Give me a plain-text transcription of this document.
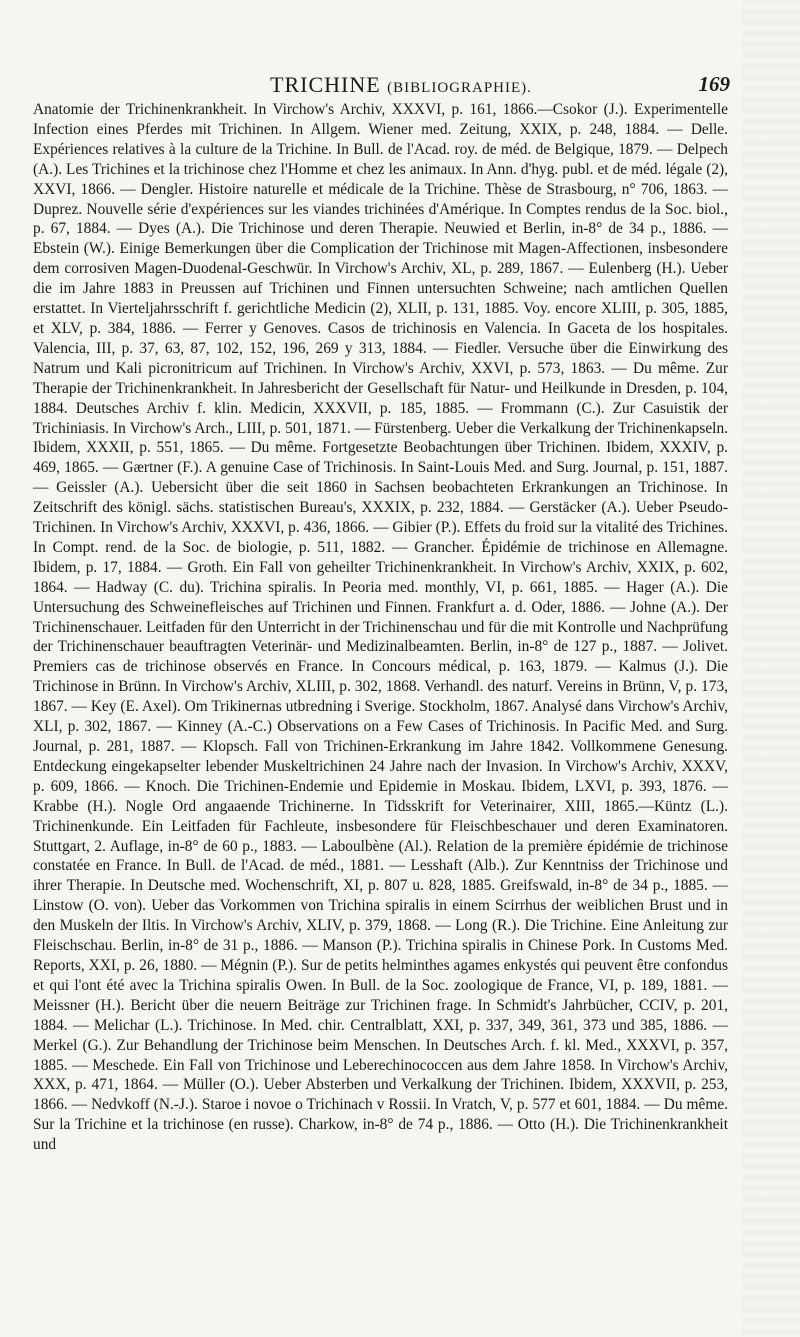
TRICHINE (BIBLIOGRAPHIE).	169

Anatomie der Trichinenkrankheit. In Virchow's Archiv, XXXVI, p. 161, 1866.—Csokor (J.). Experimentelle Infection eines Pferdes mit Trichinen. In Allgem. Wiener med. Zeitung, XXIX, p. 248, 1884. — Delle. Expériences relatives à la culture de la Trichine. In Bull. de l'Acad. roy. de méd. de Belgique, 1879. — Delpech (A.). Les Trichines et la trichinose chez l'Homme et chez les animaux. In Ann. d'hyg. publ. et de méd. légale (2), XXVI, 1866. — Dengler. Histoire naturelle et médicale de la Trichine. Thèse de Strasbourg, n° 706, 1863. — Duprez. Nouvelle série d'expériences sur les viandes trichinées d'Amérique. In Comptes rendus de la Soc. biol., p. 67, 1884. — Dyes (A.). Die Trichinose und deren Therapie. Neuwied et Berlin, in-8° de 34 p., 1886. — Ebstein (W.). Einige Bemerkungen über die Complication der Trichinose mit Magen-Affectionen, insbesondere dem corrosiven Magen-Duodenal-Geschwür. In Virchow's Archiv, XL, p. 289, 1867. — Eulenberg (H.). Ueber die im Jahre 1883 in Preussen auf Trichinen und Finnen untersuchten Schweine; nach amtlichen Quellen erstattet. In Vierteljahrsschrift f. gerichtliche Medicin (2), XLII, p. 131, 1885. Voy. encore XLIII, p. 305, 1885, et XLV, p. 384, 1886. — Ferrer y Genoves. Casos de trichinosis en Valencia. In Gaceta de los hospitales. Valencia, III, p. 37, 63, 87, 102, 152, 196, 269 y 313, 1884. — Fiedler. Versuche über die Einwirkung des Natrum und Kali picronitricum auf Trichinen. In Virchow's Archiv, XXVI, p. 573, 1863. — Du même. Zur Therapie der Trichinenkrankheit. In Jahresbericht der Gesellschaft für Natur- und Heilkunde in Dresden, p. 104, 1884. Deutsches Archiv f. klin. Medicin, XXXVII, p. 185, 1885. — Frommann (C.). Zur Casuistik der Trichiniasis. In Virchow's Arch., LIII, p. 501, 1871. — Fürstenberg. Ueber die Verkalkung der Trichinenkapseln. Ibidem, XXXII, p. 551, 1865. — Du même. Fortgesetzte Beobachtungen über Trichinen. Ibidem, XXXIV, p. 469, 1865. — Gærtner (F.). A genuine Case of Trichinosis. In Saint-Louis Med. and Surg. Journal, p. 151, 1887. — Geissler (A.). Uebersicht über die seit 1860 in Sachsen beobachteten Erkrankungen an Trichinose. In Zeitschrift des königl. sächs. statistischen Bureau's, XXXIX, p. 232, 1884. — Gerstäcker (A.). Ueber Pseudo-Trichinen. In Virchow's Archiv, XXXVI, p. 436, 1866. — Gibier (P.). Effets du froid sur la vitalité des Trichines. In Compt. rend. de la Soc. de biologie, p. 511, 1882. — Grancher. Épidémie de trichinose en Allemagne. Ibidem, p. 17, 1884. — Groth. Ein Fall von geheilter Trichinenkrankheit. In Virchow's Archiv, XXIX, p. 602, 1864. — Hadway (C. du). Trichina spiralis. In Peoria med. monthly, VI, p. 661, 1885. — Hager (A.). Die Untersuchung des Schweinefleisches auf Trichinen und Finnen. Frankfurt a. d. Oder, 1886. — Johne (A.). Der Trichinenschauer. Leitfaden für den Unterricht in der Trichinenschau und für die mit Kontrolle und Nachprüfung der Trichinenschauer beauftragten Veterinär- und Medizinalbeamten. Berlin, in-8° de 127 p., 1887. — Jolivet. Premiers cas de trichinose observés en France. In Concours médical, p. 163, 1879. — Kalmus (J.). Die Trichinose in Brünn. In Virchow's Archiv, XLIII, p. 302, 1868. Verhandl. des naturf. Vereins in Brünn, V, p. 173, 1867. — Key (E. Axel). Om Trikinernas utbredning i Sverige. Stockholm, 1867. Analysé dans Virchow's Archiv, XLI, p. 302, 1867. — Kinney (A.-C.) Observations on a Few Cases of Trichinosis. In Pacific Med. and Surg. Journal, p. 281, 1887. — Klopsch. Fall von Trichinen-Erkrankung im Jahre 1842. Vollkommene Genesung. Entdeckung eingekapselter lebender Muskeltrichinen 24 Jahre nach der Invasion. In Virchow's Archiv, XXXV, p. 609, 1866. — Knoch. Die Trichinen-Endemie und Epidemie in Moskau. Ibidem, LXVI, p. 393, 1876. — Krabbe (H.). Nogle Ord angaaende Trichinerne. In Tidsskrift for Veterinairer, XIII, 1865.—Küntz (L.). Trichinenkunde. Ein Leitfaden für Fachleute, insbesondere für Fleischbeschauer und deren Examinatoren. Stuttgart, 2. Auflage, in-8° de 60 p., 1883. — Laboulbène (Al.). Relation de la première épidémie de trichinose constatée en France. In Bull. de l'Acad. de méd., 1881. — Lesshaft (Alb.). Zur Kenntniss der Trichinose und ihrer Therapie. In Deutsche med. Wochenschrift, XI, p. 807 u. 828, 1885. Greifswald, in-8° de 34 p., 1885. — Linstow (O. von). Ueber das Vorkommen von Trichina spiralis in einem Scirrhus der weiblichen Brust und in den Muskeln der Iltis. In Virchow's Archiv, XLIV, p. 379, 1868. — Long (R.). Die Trichine. Eine Anleitung zur Fleischschau. Berlin, in-8° de 31 p., 1886. — Manson (P.). Trichina spiralis in Chinese Pork. In Customs Med. Reports, XXI, p. 26, 1880. — Mégnin (P.). Sur de petits helminthes agames enkystés qui peuvent être confondus et qui l'ont été avec la Trichina spiralis Owen. In Bull. de la Soc. zoologique de France, VI, p. 189, 1881. — Meissner (H.). Bericht über die neuern Beiträge zur Trichinen frage. In Schmidt's Jahrbücher, CCIV, p. 201, 1884. — Melichar (L.). Trichinose. In Med. chir. Centralblatt, XXI, p. 337, 349, 361, 373 und 385, 1886. — Merkel (G.). Zur Behandlung der Trichinose beim Menschen. In Deutsches Arch. f. kl. Med., XXXVI, p. 357, 1885. — Meschede. Ein Fall von Trichinose und Leberechinococcen aus dem Jahre 1858. In Virchow's Archiv, XXX, p. 471, 1864. — Müller (O.). Ueber Absterben und Verkalkung der Trichinen. Ibidem, XXXVII, p. 253, 1866. — Nedvkoff (N.-J.). Staroe i novoe o Trichinach v Rossii. In Vratch, V, p. 577 et 601, 1884. — Du même. Sur la Trichine et la trichinose (en russe). Charkow, in-8° de 74 p., 1886. — Otto (H.). Die Trichinenkrankheit und
